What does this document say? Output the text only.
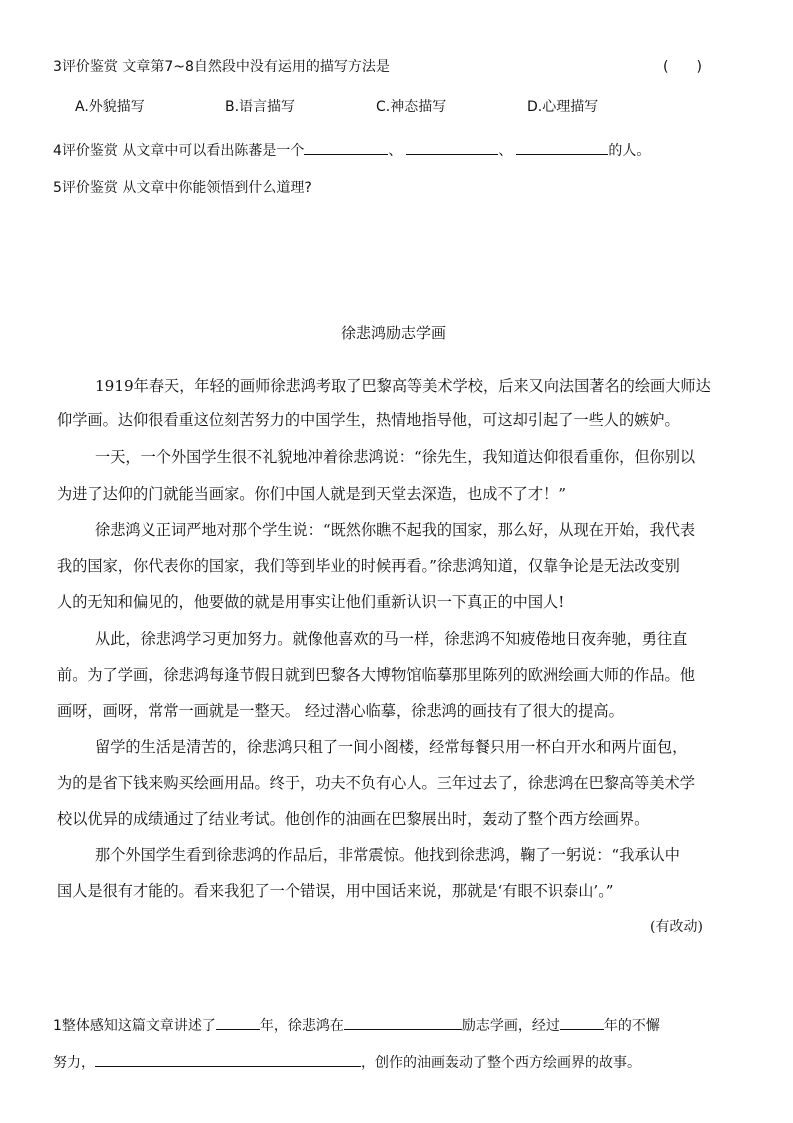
3评价鉴赏 文章第7~8自然段中没有运用的描写方法是	(　　)
A.外貌描写	B.语言描写	C.神态描写	D.心理描写
4评价鉴赏 从文章中可以看出陈蕃是一个	、	、	的人。
5评价鉴赏 从文章中你能领悟到什么道理?
徐悲鸿励志学画
1919年春天，年轻的画师徐悲鸿考取了巴黎高等美术学校，后来又向法国著名的绘画大师达
仰学画。达仰很看重这位刻苦努力的中国学生，热情地指导他，可这却引起了一些人的嫉妒。
一天，一个外国学生很不礼貌地冲着徐悲鸿说：“徐先生，我知道达仰很看重你，但你别以
为进了达仰的门就能当画家。你们中国人就是到天堂去深造，也成不了才！”
徐悲鸿义正词严地对那个学生说：“既然你瞧不起我的国家，那么好，从现在开始，我代表
我的国家，你代表你的国家，我们等到毕业的时候再看。”徐悲鸿知道，仅靠争论是无法改变别
人的无知和偏见的，他要做的就是用事实让他们重新认识一下真正的中国人!
从此，徐悲鸿学习更加努力。就像他喜欢的马一样，徐悲鸿不知疲倦地日夜奔驰，勇往直
前。为了学画，徐悲鸿每逢节假日就到巴黎各大博物馆临摹那里陈列的欧洲绘画大师的作品。他
画呀，画呀，常常一画就是一整天。 经过潜心临摹，徐悲鸿的画技有了很大的提高。
留学的生活是清苦的，徐悲鸿只租了一间小阁楼，经常每餐只用一杯白开水和两片面包，
为的是省下钱来购买绘画用品。终于，功夫不负有心人。三年过去了，徐悲鸿在巴黎高等美术学
校以优异的成绩通过了结业考试。他创作的油画在巴黎展出时，轰动了整个西方绘画界。
那个外国学生看到徐悲鸿的作品后，非常震惊。他找到徐悲鸿，鞠了一躬说：“我承认中
国人是很有才能的。看来我犯了一个错误，用中国话来说，那就是‘有眼不识泰山’。”
(有改动)
1整体感知这篇文章讲述了	年，徐悲鸿在	励志学画，经过	年的不懈
努力，	，创作的油画轰动了整个西方绘画界的故事。
